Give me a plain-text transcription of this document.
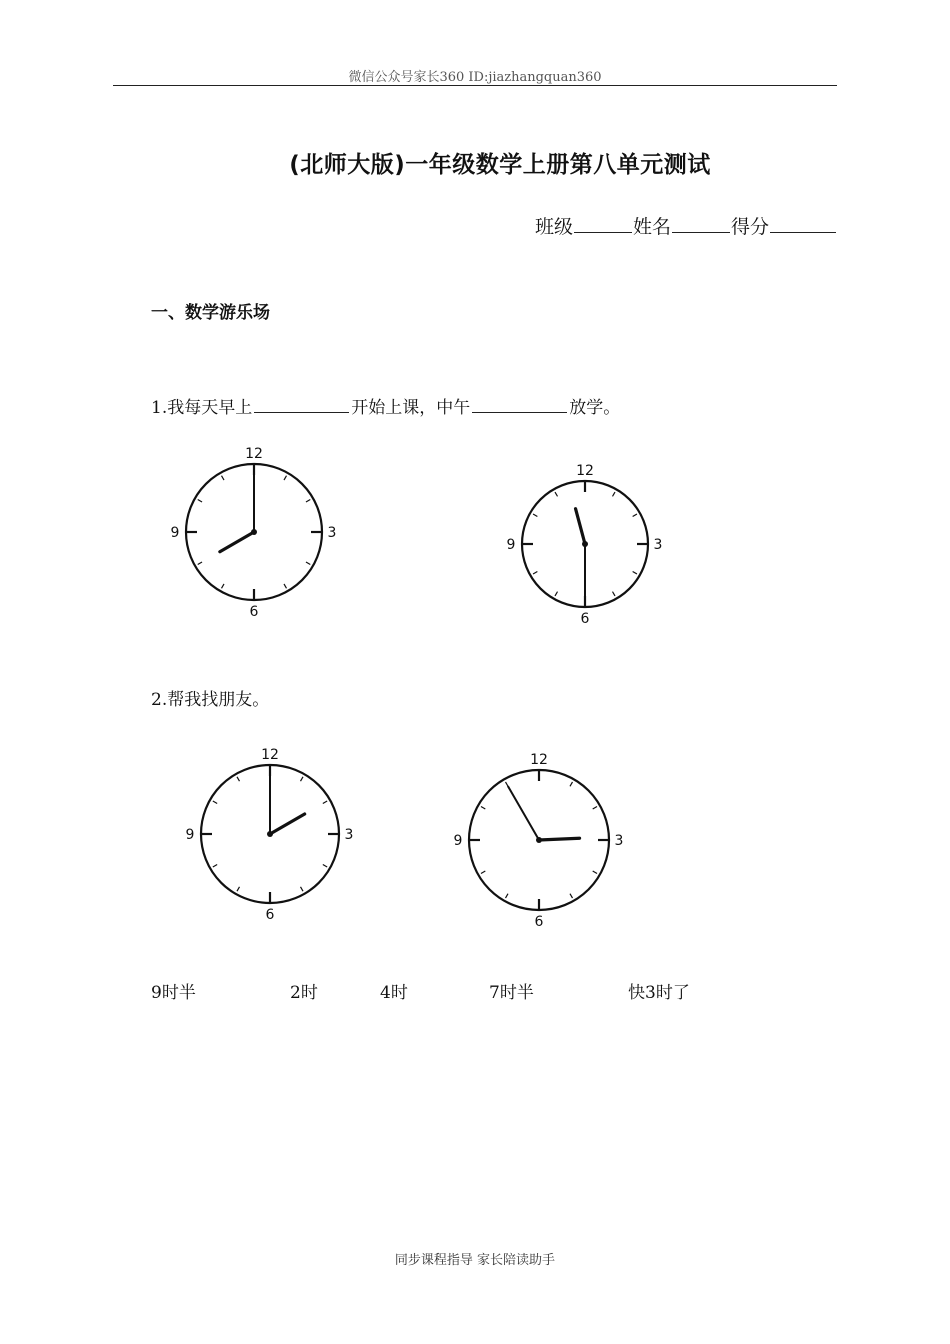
微信公众号家长360 ID:jiazhangquan360
(北师大版)一年级数学上册第八单元测试
班级	姓名	得分
一、数学游乐场
1.我每天早上	开始上课，中午	放学。
12
3
6
9
12
3
6
9
2.帮我找朋友。
12
3
6
9
12
3
6
9
9时半	2时	4时	7时半	快3时了
同步课程指导 家长陪读助手
